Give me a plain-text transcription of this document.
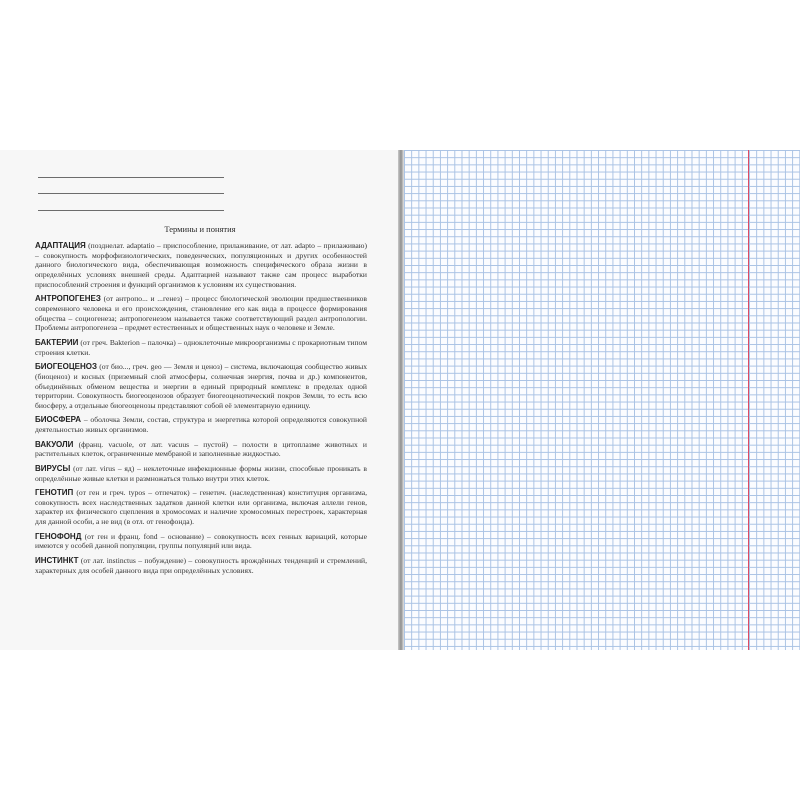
Термины и понятия

АДАПТАЦИЯ (позднелат. adaptatio – приспособление, прилаживание, от лат. adapto – прилаживаю) – совокупность морфофизиологических, поведенческих, популяционных и других особенностей данного биологического вида, обеспечивающая возможность специфического образа жизни в определённых условиях внешней среды. Адаптацией называют также сам процесс выработки приспособлений строения и функций организмов к условиям их существования.

АНТРОПОГЕНЕЗ (от антропо... и ...генез) – процесс биологической эволюции предшественников современного человека и его происхождения, становление его как вида в процессе формирования общества – социогенеза; антропогенезом называется также соответствующий раздел антропологии. Проблемы антропогенеза – предмет естественных и общественных наук о человеке и Земле.

БАКТЕРИИ (от греч. Bakterion – палочка) – одноклеточные микроорганизмы с прокариотным типом строения клетки.

БИОГЕОЦЕНОЗ (от био..., греч. geo — Земля и ценоз) – система, включающая сообщество живых (биоценоз) и косных (приземный слой атмосферы, солнечная энергия, почва и др.) компонентов, объединённых обменом вещества и энергии в единый природный комплекс в пределах одной территории. Совокупность биогеоценозов образует биогеоценотический покров Земли, то есть всю биосферу, а отдельные биогеоценозы представляют собой её элементарную единицу.

БИОСФЕРА – оболочка Земли, состав, структура и энергетика которой определяются совокупной деятельностью живых организмов.

ВАКУОЛИ (франц. vacuole, от лат. vacuus – пустой) – полости в цитоплазме животных и растительных клеток, ограниченные мембраной и заполненные жидкостью.

ВИРУСЫ (от лат. virus – яд) – неклеточные инфекционные формы жизни, способные проникать в определённые живые клетки и размножаться только внутри этих клеток.

ГЕНОТИП (от ген и греч. typos – отпечаток) – генетич. (наследственная) конституция организма, совокупность всех наследственных задатков данной клетки или организма, включая аллели генов, характер их физического сцепления в хромосомах и наличие хромосомных перестроек, характерная для данной особи, а не вид (в отл. от генофонда).

ГЕНОФОНД (от ген и франц. fond – основание) – совокупность всех генных вариаций, которые имеются у особей данной популяции, группы популяций или вида.

ИНСТИНКТ (от лат. instinctus – побуждение) – совокупность врождённых тенденций и стремлений, характерных для особей данного вида при определённых условиях.
